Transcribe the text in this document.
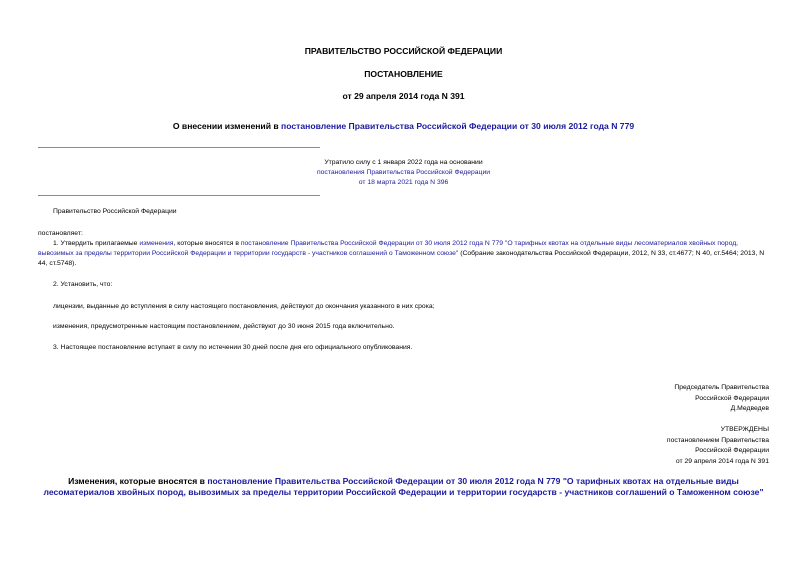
ПРАВИТЕЛЬСТВО РОССИЙСКОЙ ФЕДЕРАЦИИ
ПОСТАНОВЛЕНИЕ
от 29 апреля 2014 года N 391
О внесении изменений в постановление Правительства Российской Федерации от 30 июля 2012 года N 779
Утратило силу с 1 января 2022 года на основании
постановления Правительства Российской Федерации
от 18 марта 2021 года N 396
Правительство Российской Федерации
постановляет:
1. Утвердить прилагаемые изменения, которые вносятся в постановление Правительства Российской Федерации от 30 июля 2012 года N 779 "О тарифных квотах на отдельные виды лесоматериалов хвойных пород, вывозимых за пределы территории Российской Федерации и территории государств - участников соглашений о Таможенном союзе" (Собрание законодательства Российской Федерации, 2012, N 33, ст.4677; N 40, ст.5464; 2013, N 44, ст.5748).
2. Установить, что:
лицензии, выданные до вступления в силу настоящего постановления, действуют до окончания указанного в них срока;
изменения, предусмотренные настоящим постановлением, действуют до 30 июня 2015 года включительно.
3. Настоящее постановление вступает в силу по истечении 30 дней после дня его официального опубликования.
Председатель Правительства
Российской Федерации
Д.Медведев
УТВЕРЖДЕНЫ
постановлением Правительства
Российской Федерации
от 29 апреля 2014 года N 391
Изменения, которые вносятся в постановление Правительства Российской Федерации от 30 июля 2012 года N 779 "О тарифных квотах на отдельные виды лесоматериалов хвойных пород, вывозимых за пределы территории Российской Федерации и территории государств - участников соглашений о Таможенном союзе"
